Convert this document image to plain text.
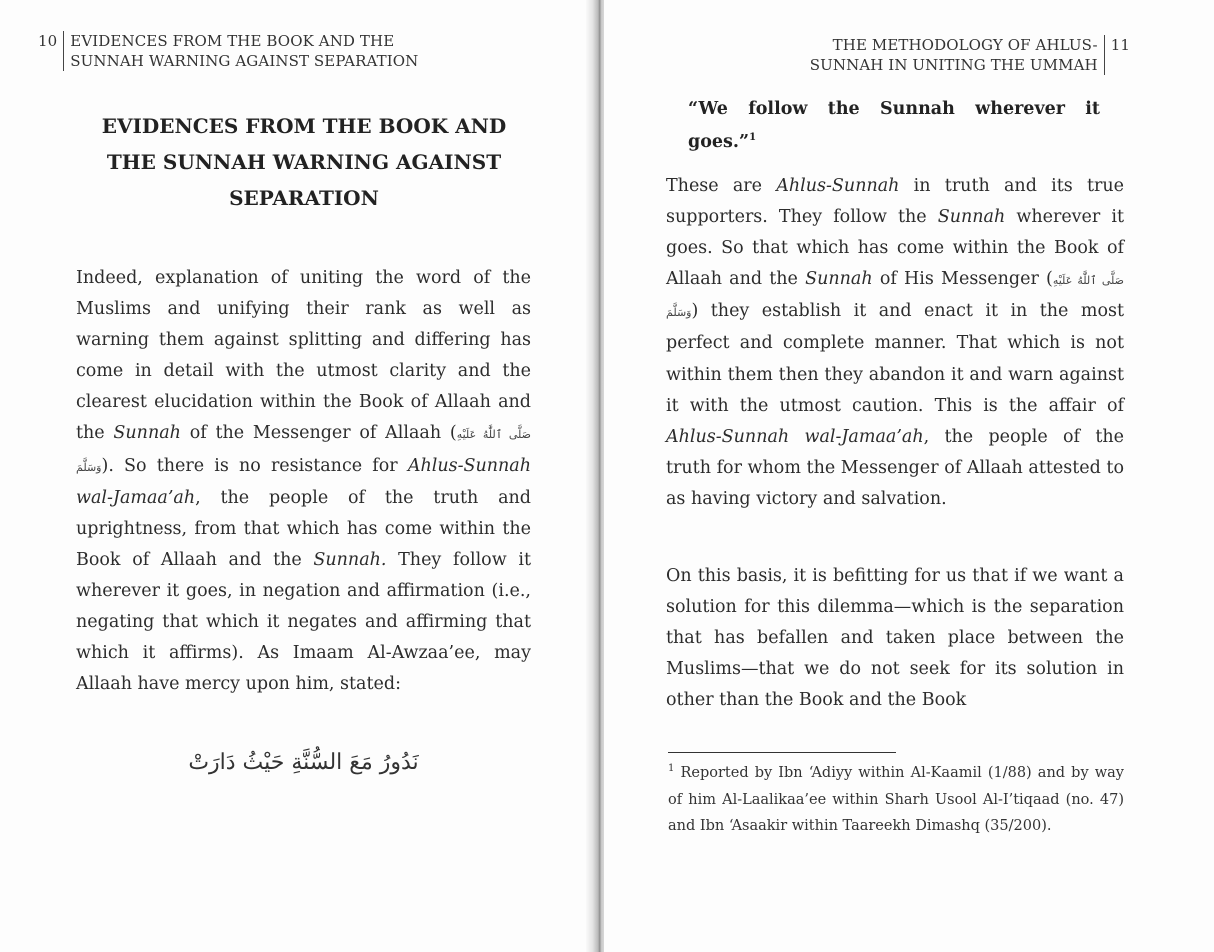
10 EVIDENCES FROM THE BOOK AND THE SUNNAH WARNING AGAINST SEPARATION
EVIDENCES FROM THE BOOK AND THE SUNNAH WARNING AGAINST SEPARATION

Indeed, explanation of uniting the word of the Muslims and unifying their rank as well as warning them against splitting and differing has come in detail with the utmost clarity and the clearest elucidation within the Book of Allaah and the Sunnah of the Messenger of Allaah (صَلَّى ٱللَّٰهُ عَلَيْهِ وَسَلَّمَ). So there is no resistance for Ahlus-Sunnah wal-Jamaa’ah, the people of the truth and uprightness, from that which has come within the Book of Allaah and the Sunnah. They follow it wherever it goes, in negation and affirmation (i.e., negating that which it negates and affirming that which it affirms). As Imaam Al-Awzaa’ee, may Allaah have mercy upon him, stated:

نَدُورُ مَعَ السُّنَّةِ حَيْثُ دَارَتْ
THE METHODOLOGY OF AHLUS-SUNNAH IN UNITING THE UMMAH
11
These are Ahlus-Sunnah in truth and its true supporters. They follow the Sunnah wherever it goes. So that which has come within the Book of Allaah and the Sunnah of His Messenger (صَلَّى ٱللَّٰهُ عَلَيْهِ وَسَلَّمَ) they establish it and enact it in the most perfect and complete manner. That which is not within them then they abandon it and warn against it with the utmost caution. This is the affair of Ahlus-Sunnah wal-Jamaa’ah, the people of the truth for whom the Messenger of Allaah attested to as having victory and salvation.
On this basis, it is befitting for us that if we want a solution for this dilemma—which is the separation that has befallen and taken place between the Muslims—that we do not seek for its solution in other than the Book and the Book
“We follow the Sunnah wherever it goes.”$^1$
$^1$ Reported by Ibn ‘Adiyy within Al-Kaamil (1/88) and by way of him Al-Laalikaa’ee within Sharh Usool Al-I’tiqaad (no. 47) and Ibn ‘Asaakir within Taareekh Dimashq (35/200).
